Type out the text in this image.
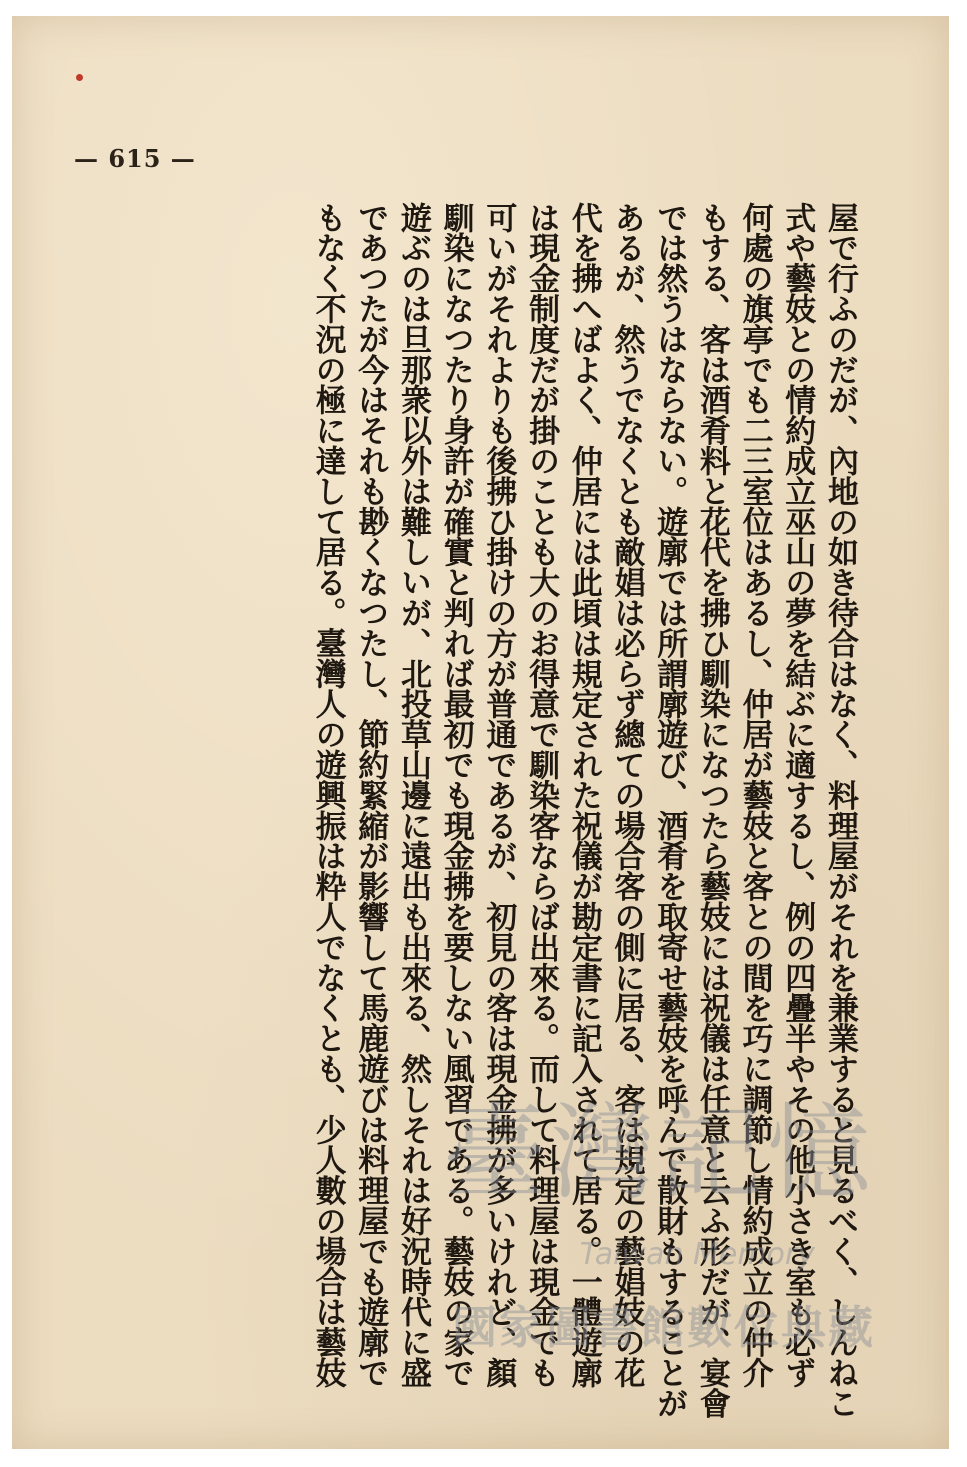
— 615 —
屋で行ふのだが、內地の如き待合はなく、料理屋がそれを兼業すると見るべく、しんねこ
式や藝妓との情約成立巫山の夢を結ぶに適するし、例の四疊半やその他小さき室も必ず
何處の旗亭でも二三室位はあるし、仲居が藝妓と客との間を巧に調節し情約成立の仲介
もする、客は酒肴料と花代を拂ひ馴染になつたら藝妓には祝儀は任意と云ふ形だが、宴會
では然うはならない。遊廓では所謂廓遊び、酒肴を取寄せ藝妓を呼んで散財もすることが
あるが、然うでなくとも敵娼は必らず總ての場合客の側に居る、客は規定の藝娼妓の花
代を拂へばよく、仲居には此頃は規定された祝儀が勘定書に記入されて居る。一體遊廓
は現金制度だが掛のことも大のお得意で馴染客ならば出來る。而して料理屋は現金でも
可いがそれよりも後拂ひ掛けの方が普通であるが、初見の客は現金拂が多いけれど、顏
馴染になつたり身許が確實と判れば最初でも現金拂を要しない風習である。藝妓の家で
遊ぶのは旦那衆以外は難しいが、北投草山邊に遠出も出來る、然しそれは好況時代に盛
であつたが今はそれも尠くなつたし、節約緊縮が影響して馬鹿遊びは料理屋でも遊廓で
もなく不況の極に達して居る。臺灣人の遊興振は粋人でなくとも、少人數の場合は藝妓 臺灣記憶
Taiwan Memory
國家圖書館數位典藏
